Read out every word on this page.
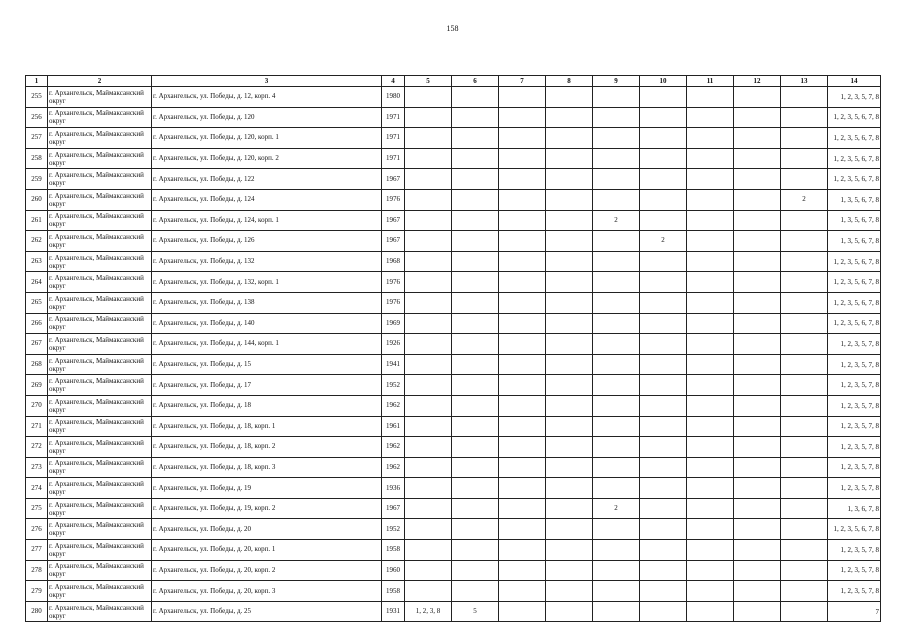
158
1	2	3	4	5	6	7	8	9	10	11	12	13	14
255	г. Архангельск, Маймаксанский округ	г. Архангельск, ул. Победы, д. 12, корп. 4	1980										1, 2, 3, 5, 7, 8
256	г. Архангельск, Маймаксанский округ	г. Архангельск, ул. Победы, д. 120	1971										1, 2, 3, 5, 6, 7, 8
257	г. Архангельск, Маймаксанский округ	г. Архангельск, ул. Победы, д. 120, корп. 1	1971										1, 2, 3, 5, 6, 7, 8
258	г. Архангельск, Маймаксанский округ	г. Архангельск, ул. Победы, д. 120, корп. 2	1971										1, 2, 3, 5, 6, 7, 8
259	г. Архангельск, Маймаксанский округ	г. Архангельск, ул. Победы, д. 122	1967										1, 2, 3, 5, 6, 7, 8
260	г. Архангельск, Маймаксанский округ	г. Архангельск, ул. Победы, д. 124	1976									2	1, 3, 5, 6, 7, 8
261	г. Архангельск, Маймаксанский округ	г. Архангельск, ул. Победы, д. 124, корп. 1	1967					2					1, 3, 5, 6, 7, 8
262	г. Архангельск, Маймаксанский округ	г. Архангельск, ул. Победы, д. 126	1967						2				1, 3, 5, 6, 7, 8
263	г. Архангельск, Маймаксанский округ	г. Архангельск, ул. Победы, д. 132	1968										1, 2, 3, 5, 6, 7, 8
264	г. Архангельск, Маймаксанский округ	г. Архангельск, ул. Победы, д. 132, корп. 1	1976										1, 2, 3, 5, 6, 7, 8
265	г. Архангельск, Маймаксанский округ	г. Архангельск, ул. Победы, д. 138	1976										1, 2, 3, 5, 6, 7, 8
266	г. Архангельск, Маймаксанский округ	г. Архангельск, ул. Победы, д. 140	1969										1, 2, 3, 5, 6, 7, 8
267	г. Архангельск, Маймаксанский округ	г. Архангельск, ул. Победы, д. 144, корп. 1	1926										1, 2, 3, 5, 7, 8
268	г. Архангельск, Маймаксанский округ	г. Архангельск, ул. Победы, д. 15	1941										1, 2, 3, 5, 7, 8
269	г. Архангельск, Маймаксанский округ	г. Архангельск, ул. Победы, д. 17	1952										1, 2, 3, 5, 7, 8
270	г. Архангельск, Маймаксанский округ	г. Архангельск, ул. Победы, д. 18	1962										1, 2, 3, 5, 7, 8
271	г. Архангельск, Маймаксанский округ	г. Архангельск, ул. Победы, д. 18, корп. 1	1961										1, 2, 3, 5, 7, 8
272	г. Архангельск, Маймаксанский округ	г. Архангельск, ул. Победы, д. 18, корп. 2	1962										1, 2, 3, 5, 7, 8
273	г. Архангельск, Маймаксанский округ	г. Архангельск, ул. Победы, д. 18, корп. 3	1962										1, 2, 3, 5, 7, 8
274	г. Архангельск, Маймаксанский округ	г. Архангельск, ул. Победы, д. 19	1936										1, 2, 3, 5, 7, 8
275	г. Архангельск, Маймаксанский округ	г. Архангельск, ул. Победы, д. 19, корп. 2	1967					2					1, 3, 6, 7, 8
276	г. Архангельск, Маймаксанский округ	г. Архангельск, ул. Победы, д. 20	1952										1, 2, 3, 5, 6, 7, 8
277	г. Архангельск, Маймаксанский округ	г. Архангельск, ул. Победы, д. 20, корп. 1	1958										1, 2, 3, 5, 7, 8
278	г. Архангельск, Маймаксанский округ	г. Архангельск, ул. Победы, д. 20, корп. 2	1960										1, 2, 3, 5, 7, 8
279	г. Архангельск, Маймаксанский округ	г. Архангельск, ул. Победы, д. 20, корп. 3	1958										1, 2, 3, 5, 7, 8
280	г. Архангельск, Маймаксанский округ	г. Архангельск, ул. Победы, д. 25	1931	1, 2, 3, 8	5								7
